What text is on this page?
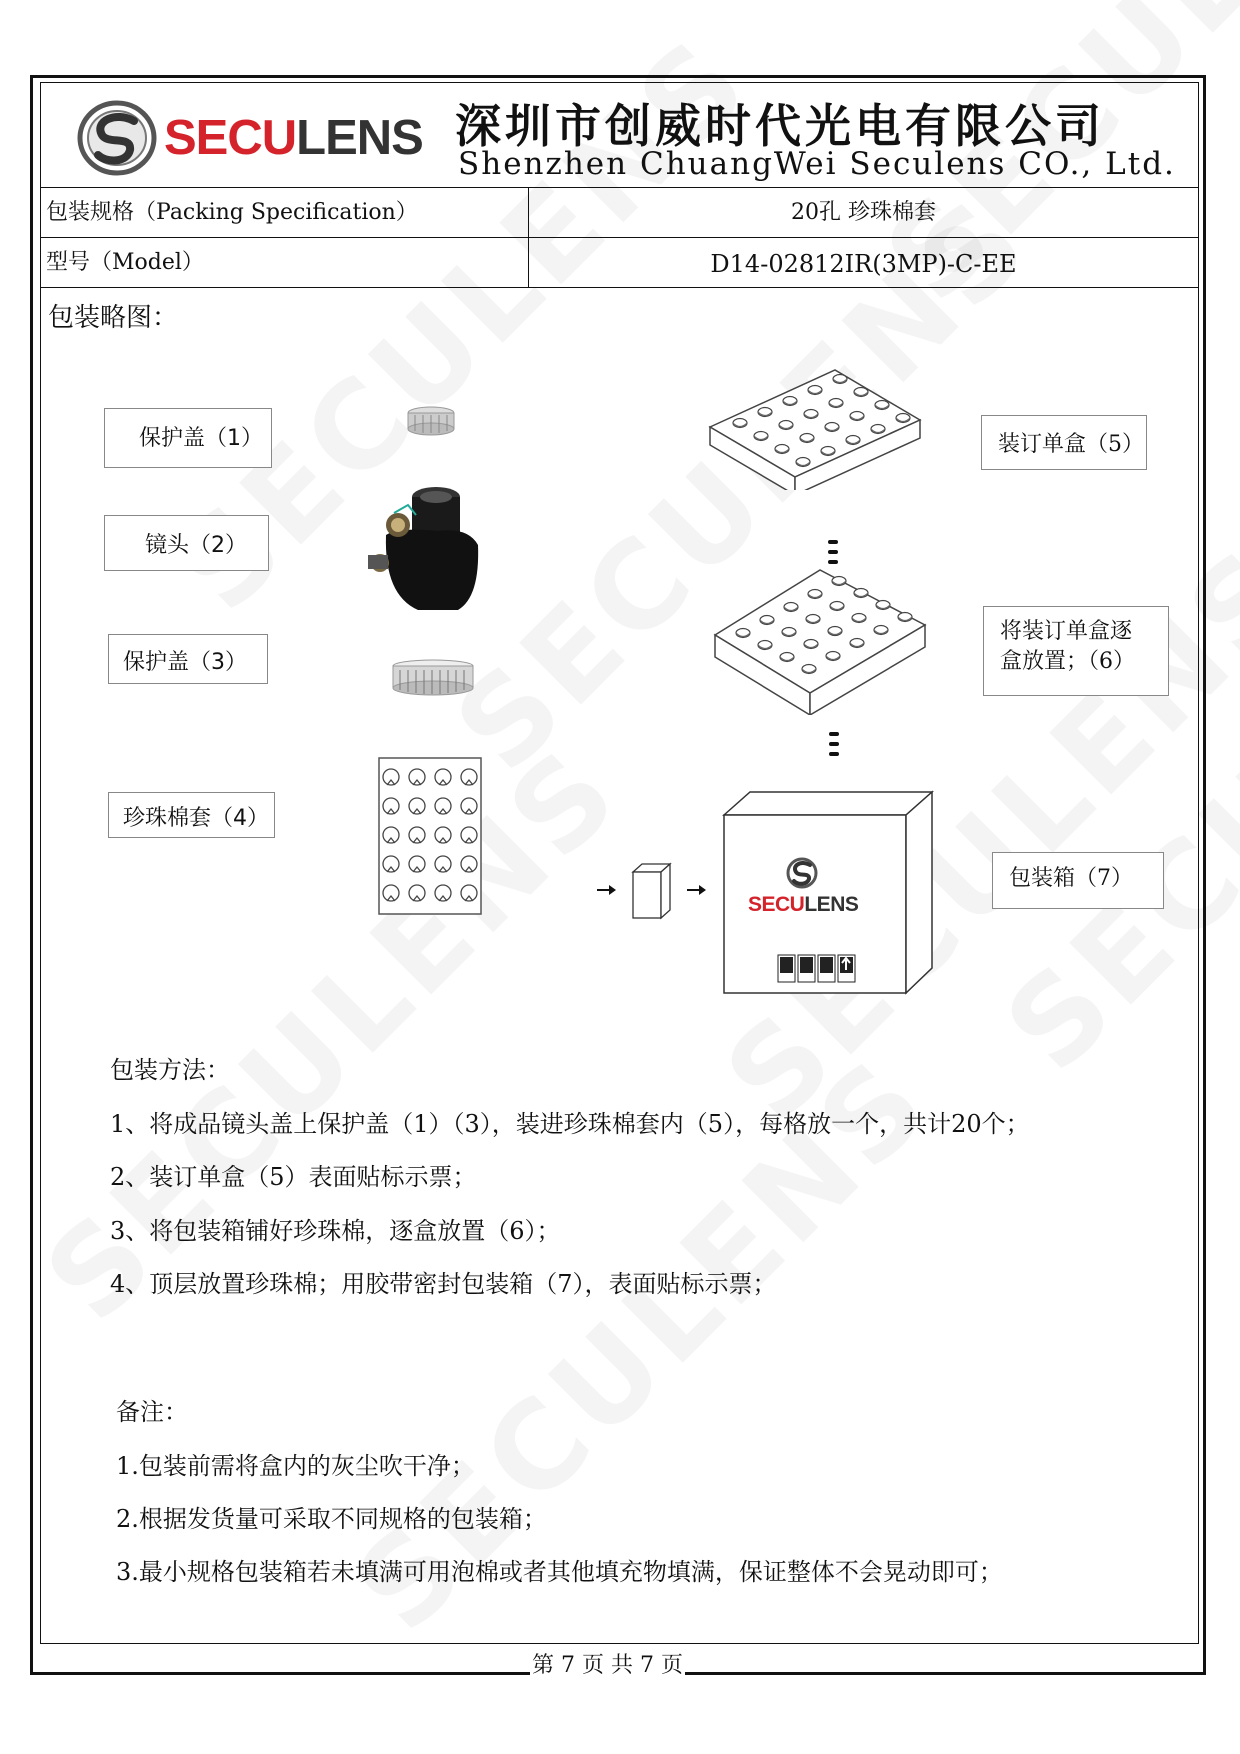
SECULENS 深圳市创威时代光电有限公司
Shenzhen ChuangWei Seculens CO., Ltd.
包装规格（Packing Specification）	20孔 珍珠棉套
型号（Model）	D14-02812IR(3MP)-C-EE
包装略图：
保护盖（1）
镜头（2）
保护盖（3）
珍珠棉套（4）
装订单盒（5）
将装订单盒逐盒放置；（6）
包装箱（7）
SECULENS
包装方法：
1、将成品镜头盖上保护盖（1）（3），装进珍珠棉套内（5），每格放一个，共计20个；
2、装订单盒（5）表面贴标示票；
3、将包装箱铺好珍珠棉，逐盒放置（6）；
4、顶层放置珍珠棉；用胶带密封包装箱（7），表面贴标示票；
备注：
1.包装前需将盒内的灰尘吹干净；
2.根据发货量可采取不同规格的包装箱；
3.最小规格包装箱若未填满可用泡棉或者其他填充物填满，保证整体不会晃动即可；
第 7 页 共 7 页
